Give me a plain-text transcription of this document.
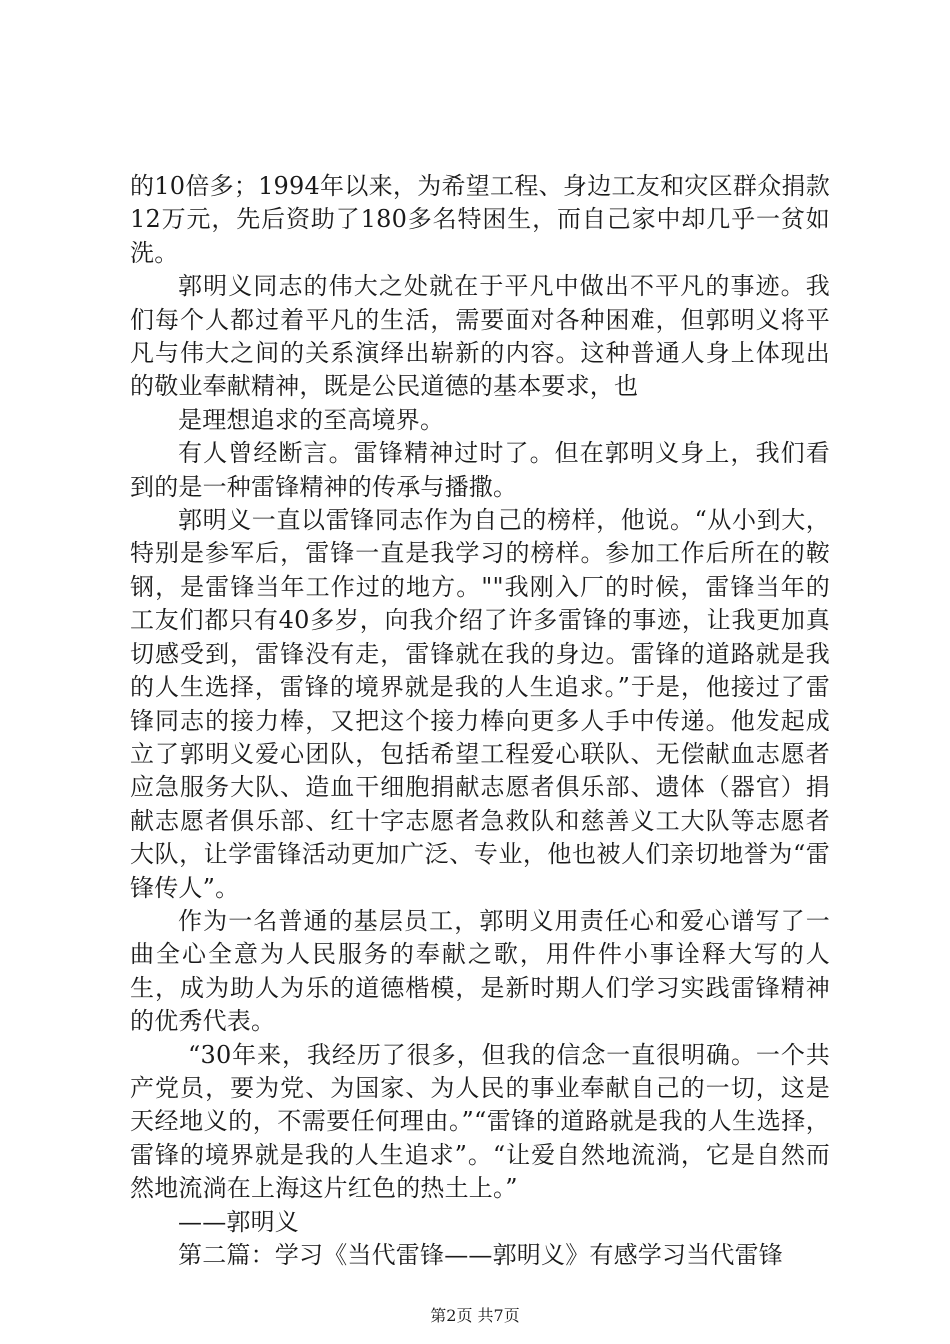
的10倍多；1994年以来，为希望工程、身边工友和灾区群众捐款12万元，先后资助了180多名特困生，而自己家中却几乎一贫如洗。

郭明义同志的伟大之处就在于平凡中做出不平凡的事迹。我们每个人都过着平凡的生活，需要面对各种困难，但郭明义将平凡与伟大之间的关系演绎出崭新的内容。这种普通人身上体现出的敬业奉献精神，既是公民道德的基本要求，也

是理想追求的至高境界。

有人曾经断言。雷锋精神过时了。但在郭明义身上，我们看到的是一种雷锋精神的传承与播撒。

郭明义一直以雷锋同志作为自己的榜样，他说。“从小到大，特别是参军后，雷锋一直是我学习的榜样。参加工作后所在的鞍钢，是雷锋当年工作过的地方。""我刚入厂的时候，雷锋当年的工友们都只有40多岁，向我介绍了许多雷锋的事迹，让我更加真切感受到，雷锋没有走，雷锋就在我的身边。雷锋的道路就是我的人生选择，雷锋的境界就是我的人生追求。”于是，他接过了雷锋同志的接力棒，又把这个接力棒向更多人手中传递。他发起成立了郭明义爱心团队，包括希望工程爱心联队、无偿献血志愿者应急服务大队、造血干细胞捐献志愿者俱乐部、遗体（器官）捐献志愿者俱乐部、红十字志愿者急救队和慈善义工大队等志愿者大队，让学雷锋活动更加广泛、专业，他也被人们亲切地誉为“雷锋传人”。

作为一名普通的基层员工，郭明义用责任心和爱心谱写了一曲全心全意为人民服务的奉献之歌，用件件小事诠释大写的人生，成为助人为乐的道德楷模，是新时期人们学习实践雷锋精神的优秀代表。

“30年来，我经历了很多，但我的信念一直很明确。一个共产党员，要为党、为国家、为人民的事业奉献自己的一切，这是天经地义的，不需要任何理由。”“雷锋的道路就是我的人生选择，雷锋的境界就是我的人生追求”。“让爱自然地流淌，它是自然而然地流淌在上海这片红色的热土上。”

——郭明义

第二篇：学习《当代雷锋——郭明义》有感学习当代雷锋

第2页 共7页
